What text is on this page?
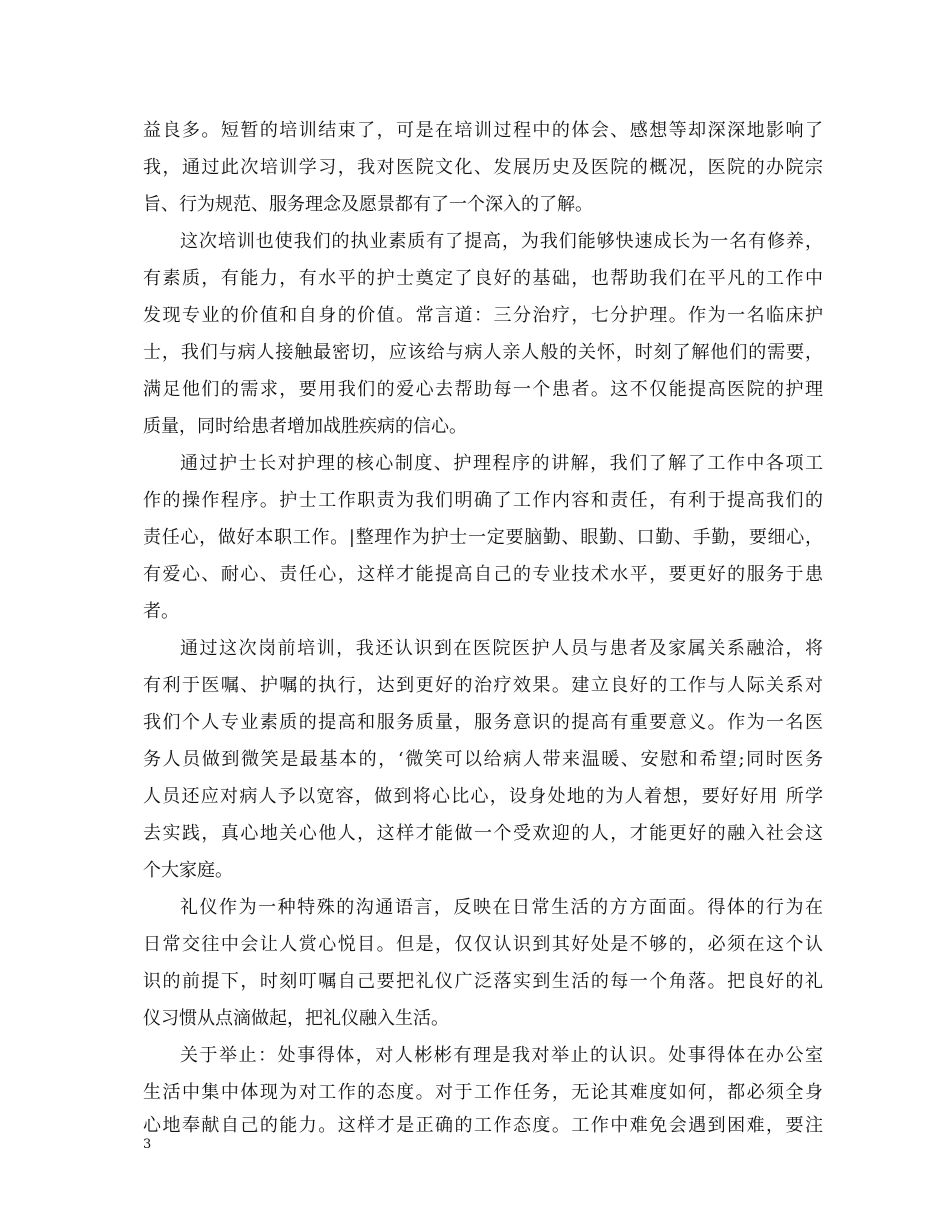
益良多。短暂的培训结束了，可是在培训过程中的体会、感想等却深深地影响了
我，通过此次培训学习，我对医院文化、发展历史及医院的概况，医院的办院宗
旨、行为规范、服务理念及愿景都有了一个深入的了解。
这次培训也使我们的执业素质有了提高，为我们能够快速成长为一名有修养，
有素质，有能力，有水平的护士奠定了良好的基础，也帮助我们在平凡的工作中
发现专业的价值和自身的价值。常言道：三分治疗，七分护理。作为一名临床护
士，我们与病人接触最密切，应该给与病人亲人般的关怀，时刻了解他们的需要，
满足他们的需求，要用我们的爱心去帮助每一个患者。这不仅能提高医院的护理
质量，同时给患者增加战胜疾病的信心。
通过护士长对护理的核心制度、护理程序的讲解，我们了解了工作中各项工
作的操作程序。护士工作职责为我们明确了工作内容和责任，有利于提高我们的
责任心，做好本职工作。|整理作为护士一定要脑勤、眼勤、口勤、手勤，要细心，
有爱心、耐心、责任心，这样才能提高自己的专业技术水平，要更好的服务于患
者。
通过这次岗前培训，我还认识到在医院医护人员与患者及家属关系融洽，将
有利于医嘱、护嘱的执行，达到更好的治疗效果。建立良好的工作与人际关系对
我们个人专业素质的提高和服务质量，服务意识的提高有重要意义。作为一名医
务人员做到微笑是最基本的，‘微笑可以给病人带来温暖、安慰和希望;同时医务
人员还应对病人予以宽容，做到将心比心，设身处地的为人着想，要好好用 所学
去实践，真心地关心他人，这样才能做一个受欢迎的人，才能更好的融入社会这
个大家庭。
礼仪作为一种特殊的沟通语言，反映在日常生活的方方面面。得体的行为在
日常交往中会让人赏心悦目。但是，仅仅认识到其好处是不够的，必须在这个认
识的前提下，时刻叮嘱自己要把礼仪广泛落实到生活的每一个角落。把良好的礼
仪习惯从点滴做起，把礼仪融入生活。
关于举止：处事得体，对人彬彬有理是我对举止的认识。处事得体在办公室
生活中集中体现为对工作的态度。对于工作任务，无论其难度如何，都必须全身
心地奉献自己的能力。这样才是正确的工作态度。工作中难免会遇到困难，要注
3
